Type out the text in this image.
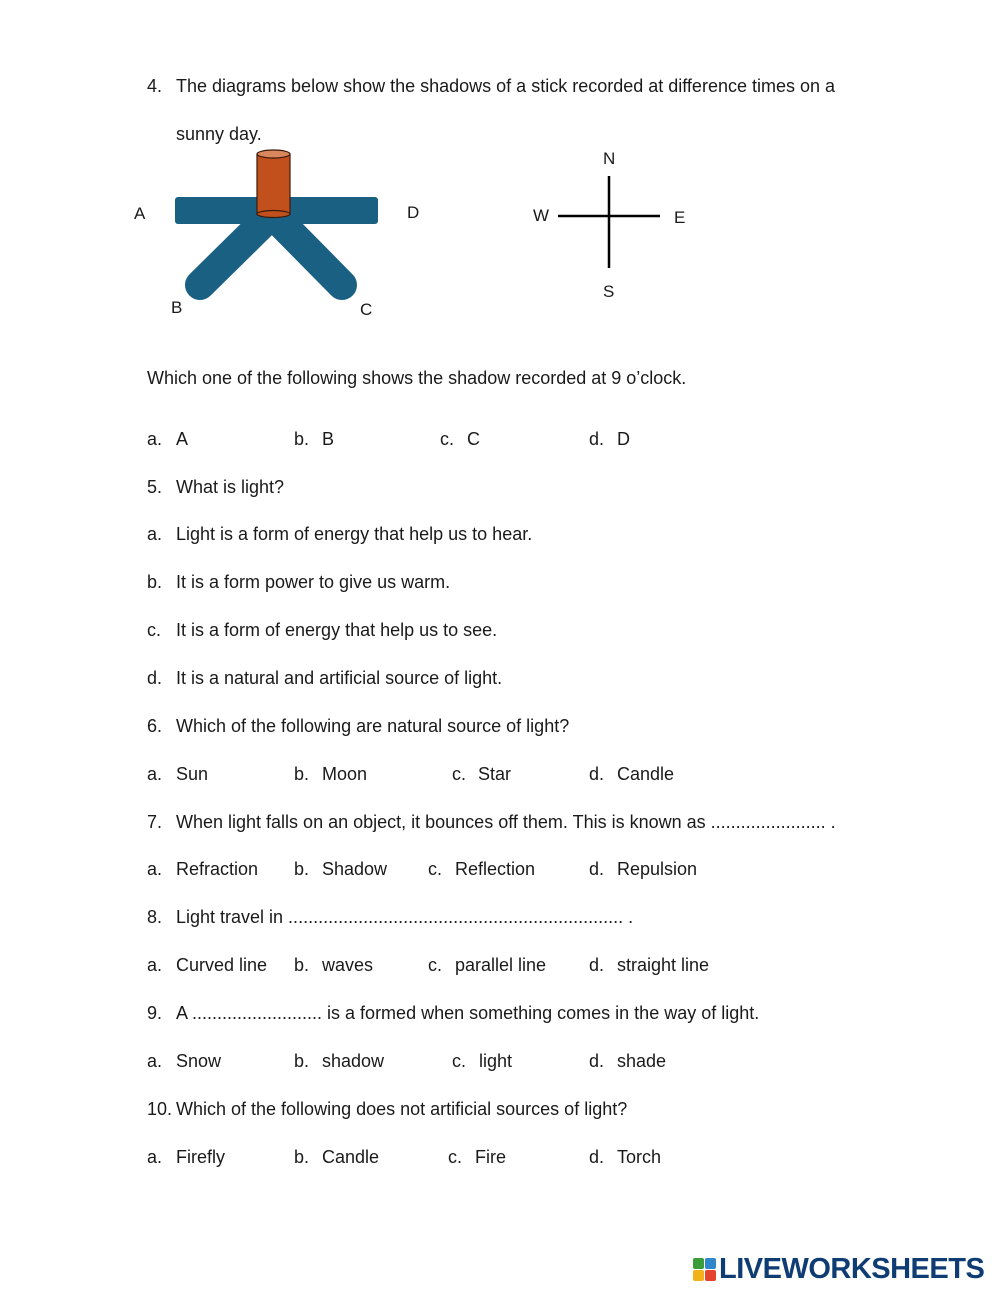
4. The diagrams below show the shadows of a stick recorded at difference times on a
sunny day.
A	D
B	C
N
W	E
S
Which one of the following shows the shadow recorded at 9 o’clock.
a. A	b. B	c. C	d. D
5. What is light?
a. Light is a form of energy that help us to hear.
b. It is a form power to give us warm.
c. It is a form of energy that help us to see.
d. It is a natural and artificial source of light.
6. Which of the following are natural source of light?
a. Sun	b. Moon	c. Star	d. Candle
7. When light falls on an object, it bounces off them. This is known as ....................... .
a. Refraction b. Shadow c. Reflection	d. Repulsion
8. Light travel in ................................................................... .
a. Curved line b. waves	c. parallel line d. straight line
9. A .......................... is a formed when something comes in the way of light.
a. Snow	b. shadow	c. light	d. shade
10. Which of the following does not artificial sources of light?
a. Firefly	b. Candle	c. Fire	d. Torch
LIVEWORKSHEETS
